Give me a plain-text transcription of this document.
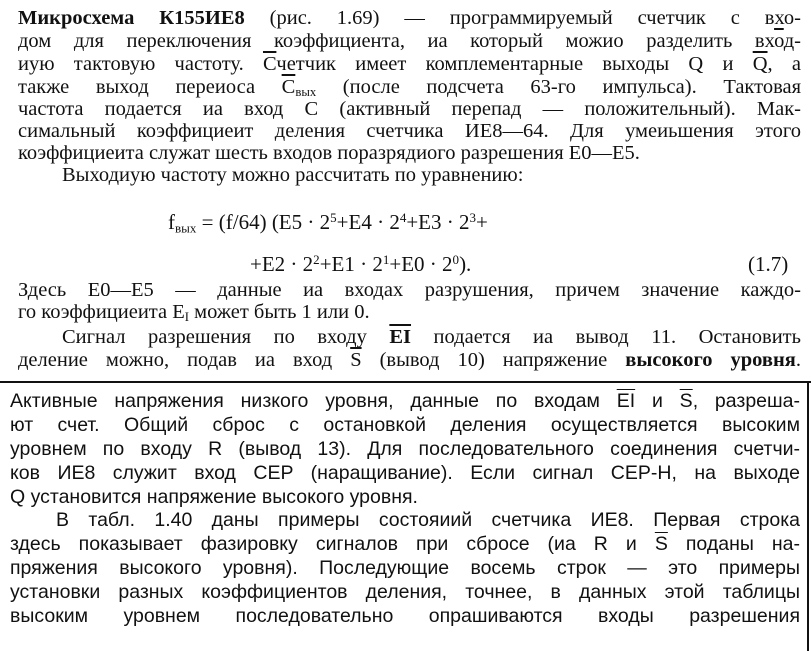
Микросхема К155ИЕ8 (рис. 1.69) — программируемый счетчик с вхо-
дом для переключения коэффициента, иа который можио разделить вход-
иую тактовую частоту. Счетчик имеет комплементарные выходы Q и $\overline{Q}$, а
также выход переиоса $С_{вых}$ (после подсчета 63-го импульса). Тактовая
частота подается иа вход С (активный перепад — положительный). Мак-
симальный коэффициеит деления счетчика ИЕ8—64. Для умеиьшения этого
коэффициеита служат шесть входов поразрядиого разрешения Е0—Е5.
Выходиую частоту можно рассчитать по уравнению:
$f_{вых} = (f/64) (Е5 \cdot 2^5+Е4 \cdot 2^4+Е3 \cdot 2^3+$
$+Е2 \cdot 2^2+Е1 \cdot 2^1+Е0 \cdot 2^0$).	(1.7)
Здесь Е0—Е5 — данные иа входах разрушения, причем значение каждо-
го коэффициеита $Е_I$ может быть 1 или 0.
Сигнал разрешения по входу $\overline{EI}$ подается иа вывод 11. Остановить
деление можно, подав иа вход $\overline{S}$ (вывод 10) напряжение высокого уровня.
Активные напряжения низкого уровня, данные по входам $\overline{EI}$ и $\overline{S}$, разреша-
ют счет. Общий сброс с остановкой деления осуществляется высоким
уровнем по входу R (вывод 13). Для последовательного соединения счетчи-
ков ИЕ8 служит вход CEP (наращивание). Если сигнал CEP-H, на выходе
Q установится напряжение высокого уровня.
В табл. 1.40 даны примеры состояиий счетчика ИЕ8. Первая строка
здесь показывает фазировку сигналов при сбросе (иа R и $\overline{S}$ поданы на-
пряжения высокого уровня). Последующие восемь строк — это примеры
установки разных коэффициентов деления, точнее, в данных этой таблицы
высоким уровнем последовательно опрашиваются входы разрешения
